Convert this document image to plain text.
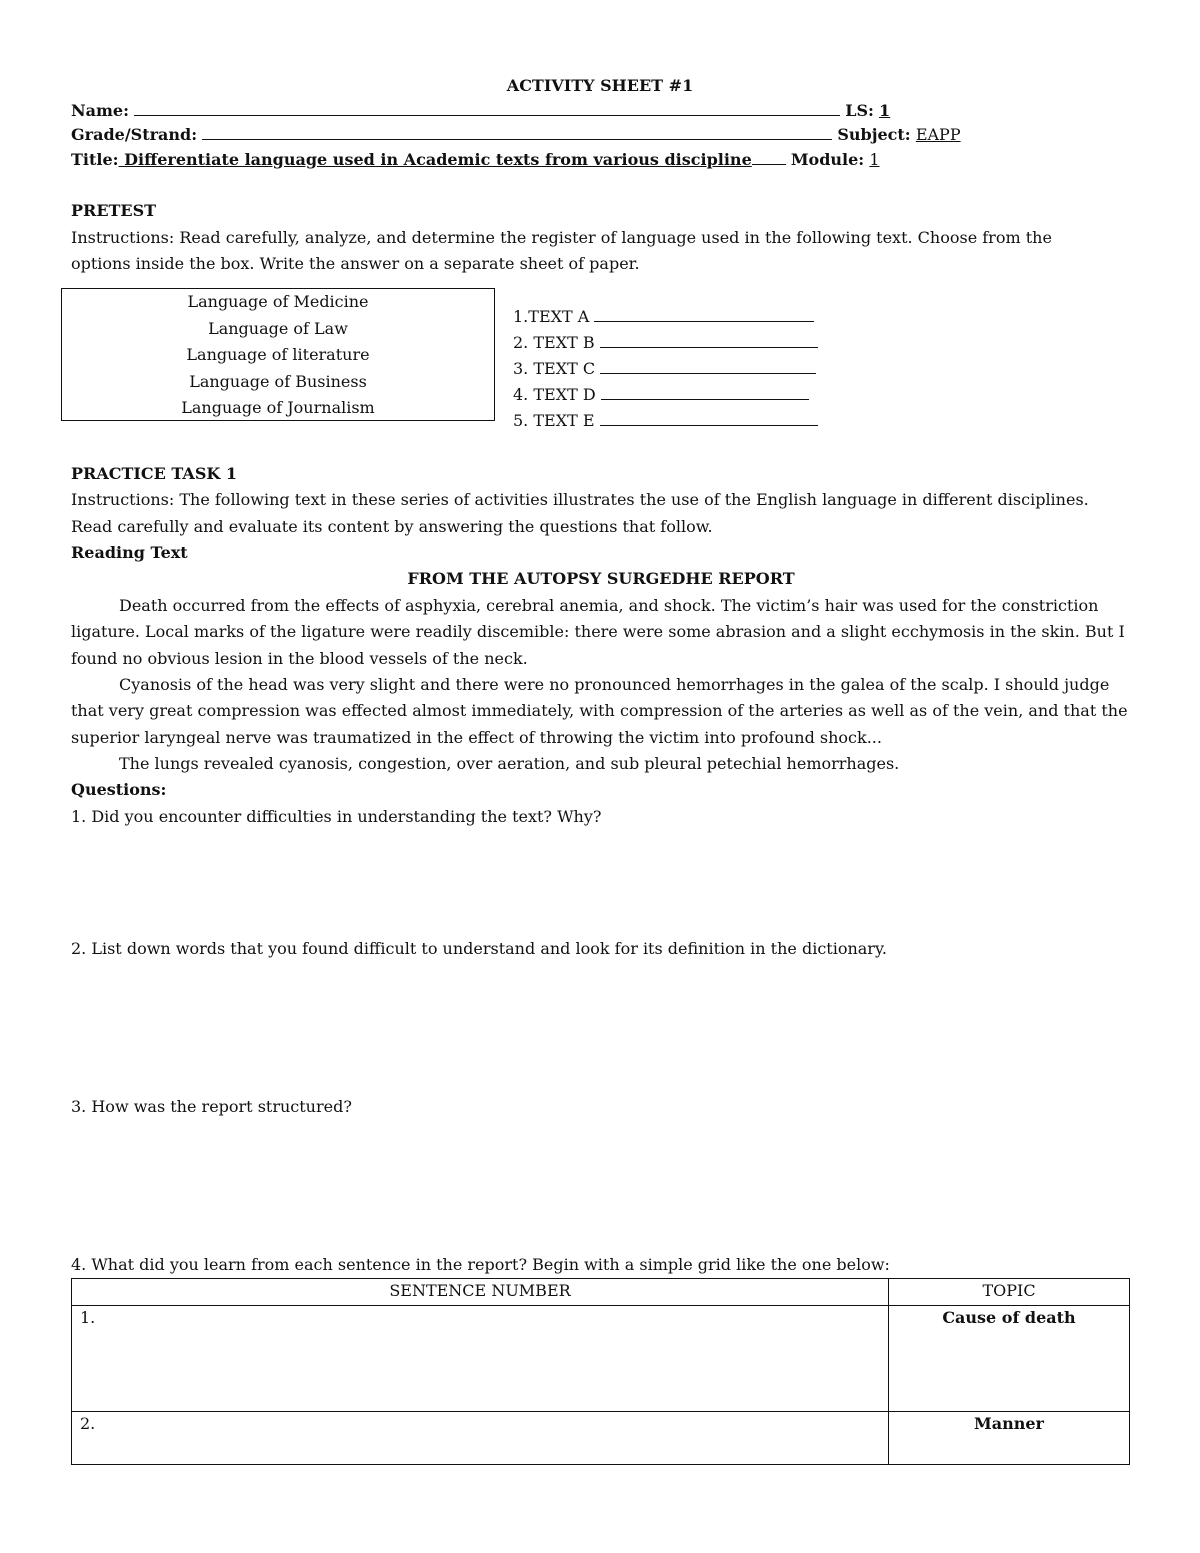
ACTIVITY SHEET #1
Name:	LS: 1
Grade/Strand:	Subject: EAPP
Title: Differentiate language used in Academic texts from various discipline Module: 1
PRETEST
Instructions: Read carefully, analyze, and determine the register of language used in the following text. Choose from the
options inside the box. Write the answer on a separate sheet of paper.
Language of Medicine
Language of Law
Language of literature
Language of Business
Language of Journalism
1.TEXT A
2. TEXT B
3. TEXT C
4. TEXT D
5. TEXT E
PRACTICE TASK 1
Instructions: The following text in these series of activities illustrates the use of the English language in different disciplines.
Read carefully and evaluate its content by answering the questions that follow.
Reading Text
FROM THE AUTOPSY SURGEDHE REPORT
Death occurred from the effects of asphyxia, cerebral anemia, and shock. The victim’s hair was used for the constriction ligature. Local marks of the ligature were readily discemible: there were some abrasion and a slight ecchymosis in the skin. But I found no obvious lesion in the blood vessels of the neck.
Cyanosis of the head was very slight and there were no pronounced hemorrhages in the galea of the scalp. I should judge that very great compression was effected almost immediately, with compression of the arteries as well as of the vein, and that the superior laryngeal nerve was traumatized in the effect of throwing the victim into profound shock...
The lungs revealed cyanosis, congestion, over aeration, and sub pleural petechial hemorrhages.
Questions:
1. Did you encounter difficulties in understanding the text? Why?
2. List down words that you found difficult to understand and look for its definition in the dictionary.
3. How was the report structured?
4. What did you learn from each sentence in the report? Begin with a simple grid like the one below:
SENTENCE NUMBER	TOPIC
1.	Cause of death
2.	Manner
